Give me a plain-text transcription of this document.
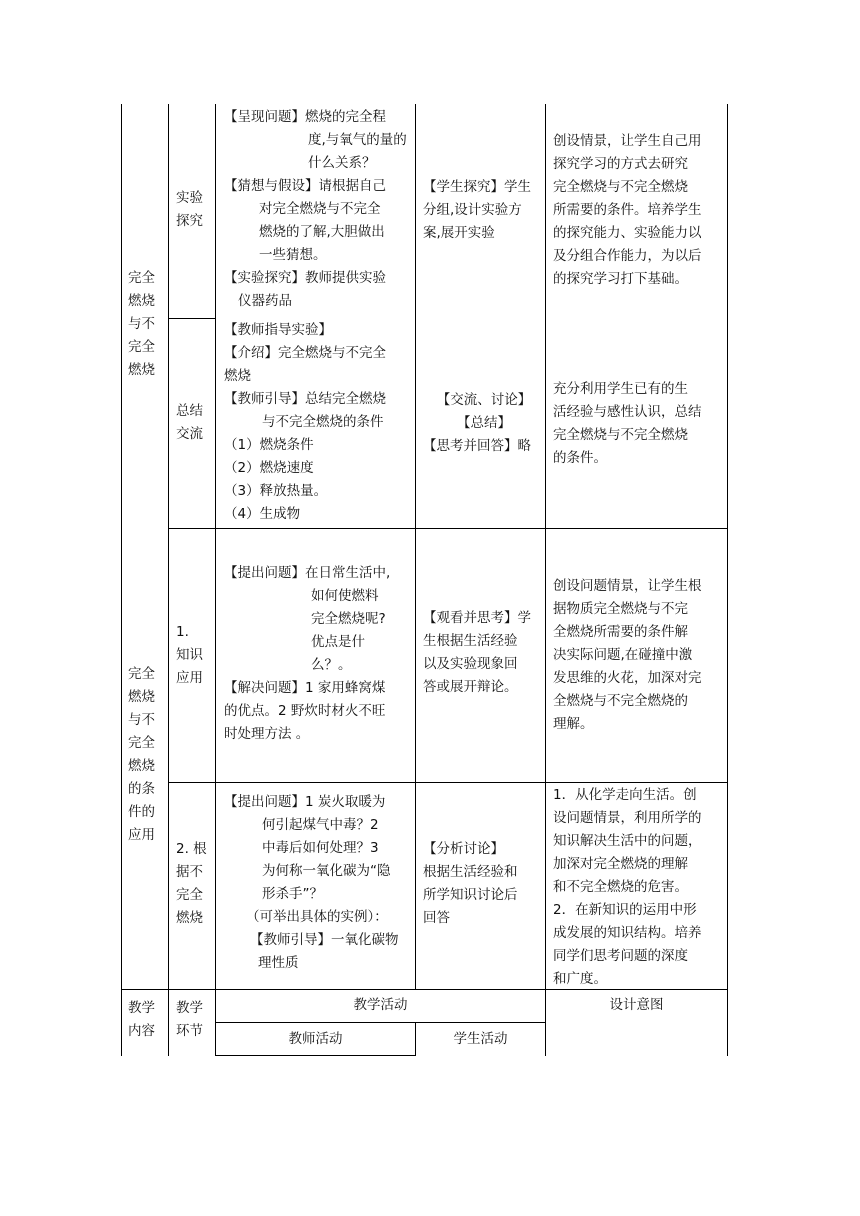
完全
燃烧
与不
完全
燃烧
实验
探究
【呈现问题】燃烧的完全程
度,与氧气的量的
什么关系？
【猜想与假设】请根据自己
对完全燃烧与不完全
燃烧的了解,大胆做出
一些猜想。
【实验探究】教师提供实验
仪器药品
【学生探究】学生
分组,设计实验方
案,展开实验
创设情景，让学生自己用
探究学习的方式去研究
完全燃烧与不完全燃烧
所需要的条件。培养学生
的探究能力、实验能力以
及分组合作能力，为以后
的探究学习打下基础。
总结
交流
【教师指导实验】
【介绍】完全燃烧与不完全
燃烧
【教师引导】总结完全燃烧
与不完全燃烧的条件
（1）燃烧条件
（2）燃烧速度
（3）释放热量。
（4）生成物
【交流、讨论】
【总结】
【思考并回答】略
充分利用学生已有的生
活经验与感性认识，总结
完全燃烧与不完全燃烧
的条件。
完全
燃烧
与不
完全
燃烧
的条
件的
应用
1.
知识
应用
【提出问题】在日常生活中,
如何使燃料
完全燃烧呢?
优点是什
么？。
【解决问题】1 家用蜂窝煤
的优点。2 野炊时材火不旺
时处理方法 。
【观看并思考】学
生根据生活经验
以及实验现象回
答或展开辩论。
创设问题情景，让学生根
据物质完全燃烧与不完
全燃烧所需要的条件解
决实际问题,在碰撞中激
发思维的火花，加深对完
全燃烧与不完全燃烧的
理解。
2. 根
据不
完全
燃烧
【提出问题】1 炭火取暖为
何引起煤气中毒？2
中毒后如何处理？3
为何称一氧化碳为“隐
形杀手”？
（可举出具体的实例）：
【教师引导】一氧化碳物
理性质
【分析讨论】
根据生活经验和
所学知识讨论后
回答
1．从化学走向生活。创
设问题情景，利用所学的
知识解决生活中的问题，
加深对完全燃烧的理解
和不完全燃烧的危害。
2．在新知识的运用中形
成发展的知识结构。培养
同学们思考问题的深度
和广度。
教学
内容
教学
环节
教学活动	设计意图
教师活动	学生活动
